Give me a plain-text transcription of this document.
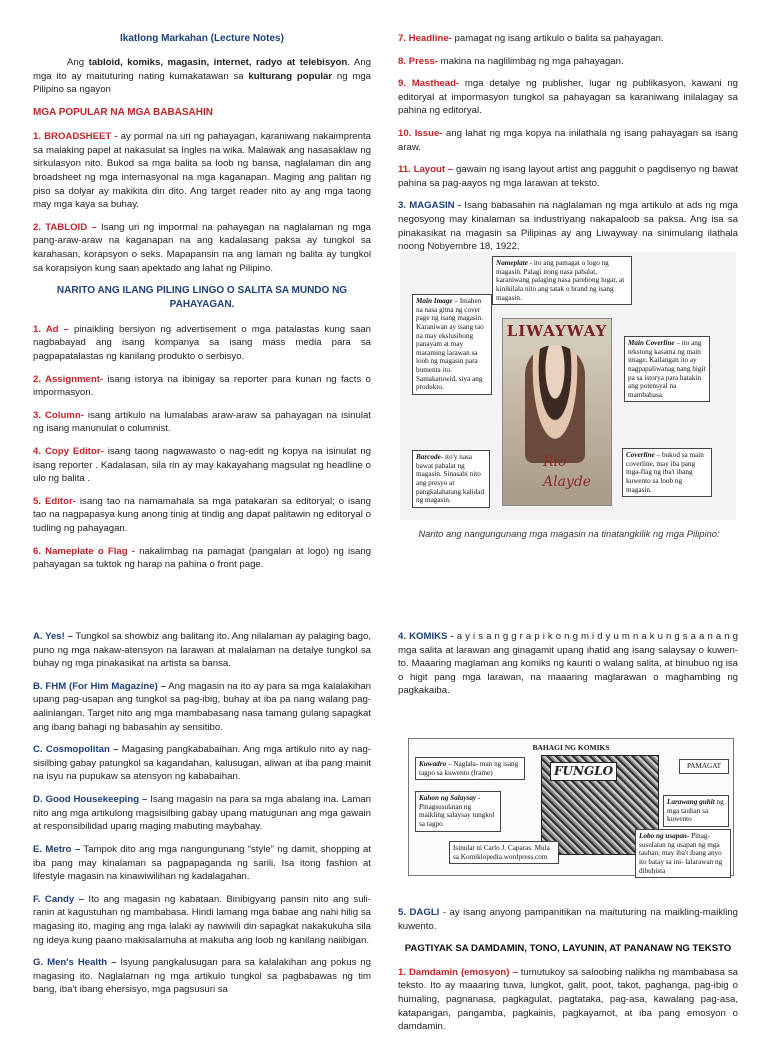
Ikatlong Markahan (Lecture Notes)

Ang tabloid, komiks, magasin, internet, radyo at telebisyon. Ang mga ito ay maituturing nating kumakatawan sa kulturang popular ng mga Pilipino sa ngayon

MGA POPULAR NA MGA BABASAHIN

1. BROADSHEET - ay pormal na uri ng pahayagan, karaniwang nakaimprenta sa malaking papel at nakasulat sa Ingles na wika. Malawak ang nasasaklaw ng sirkulasyon nito. Bukod sa mga balita sa loob ng bansa, naglalaman din ang broadsheet ng mga internasyonal na mga kaganapan. Maging ang palitan ng piso sa dolyar ay makikita din dito. Ang target reader nito ay ang mga taong may mga kaya sa buhay.

2. TABLOID – Isang uri ng impormal na pahayagan na naglalaman ng mga pang-araw-araw na kaganapan na ang kadalasang paksa ay tungkol sa karahasan, korapsyon o seks. Mapapansin na ang laman ng balita ay tungkol sa korapsiyon kung saan apektado ang lahat ng Pilipino.

NARITO ANG ILANG PILING LINGO O SALITA SA MUNDO NG PAHAYAGAN.

1. Ad – pinaikling bersiyon ng advertisement o mga patalastas kung saan nagbabayad ang isang kompanya sa isang mass media para sa pagpapatalastas ng kanilang produkto o serbisyo.

2. Assignment- isang istorya na ibinigay sa reporter para kunan ng facts o impormasyon.

3. Column- isang artikulo na lumalabas araw-araw sa pahayagan na isinulat ng isang manunulat o columnist.

4. Copy Editor- isang taong nagwawasto o nag-edit ng kopya na isinulat ng isang reporter . Kadalasan, sila rin ay may kakayahang magsulat ng headline o ulo ng balita .

5. Editor- isang tao na namamahala sa mga patakaran sa editoryal; o isang tao na nagpapasya kung anong tinig at tindig ang dapat palitawin ng editoryal o tudling ng pahayagan.

6. Nameplate o Flag - nakalimbag na pamagat (pangalan at logo) ng isang pahayagan sa tuktok ng harap na pahina o front page.

7. Headline- pamagat ng isang artikulo o balita sa pahayagan.

8. Press- makina na naglilimbag ng mga pahayagan.

9. Masthead- mga detalye ng publisher, lugar ng publikasyon, kawani ng editoryal at impormasyon tungkol sa pahayagan sa karaniwang inilalagay sa pahina ng editoryal.

10. Issue- ang lahat ng mga kopya na inilathala ng isang pahayagan sa isang araw.

11. Layout – gawain ng isang layout artist ang pagguhit o pagdisenyo ng bawat pahina sa pag-aayos ng mga larawan at teksto.

3. MAGASIN - Isang babasahin na naglalaman ng mga artikulo at ads ng mga negosyong may kinalaman sa industriyang nakapaloob sa paksa. Ang isa sa pinakasikat na magasin sa Pilipinas ay ang Liwayway na sinimulang ilathala noong Nobyembre 18, 1922.

LIWAYWAY
Rio Alayde
Nameplate - ito ang pamagat o logo ng magasin. Palagi itong nasa pabalat, karaniwang palaging nasa parehong lugar, at kinikilala nito ang tatak o brand ng isang magasin.
Main Image – Imahen na nasa gitna ng cover page ng isang magasin. Karaniwan ay isang tao na may ekslusibong panayam at may maraming larawan sa loob ng magasin para bumenta ito. Samakatuwid, siya ang produkto.
Main Coverline – ito ang tekstong kasama ng main image. Kailangan ito ay nagpapaliwanag nang higit pa sa istorya para hatakin ang potensyal na mambabasa.
Barcode- ito'y nasa bawat pabalat ng magasin. Sinasabi nito ang presyo at pangkalahatang kalidad ng magasin.
Coverline – bukod sa main coverline, may iba pang mga-flag ng iba't ibang kuwento sa loob ng magasin.
Narito ang nangungunang mga magasin na tinatangkilik ng mga Pilipino:

A. Yes! – Tungkol sa showbiz ang balitang ito. Ang nilalaman ay palaging bago, puno ng mga nakaw-atensyon na larawan at malalaman na detalye tungkol sa buhay ng mga pinakasikat na artista sa bansa.

B. FHM (For Him Magazine) – Ang magasin na ito ay para sa mga kalalakihan upang pag-usapan ang tungkol sa pag-ibig, buhay at iba pa nang walang pag-aalinlangan. Target nito ang mga mambabasang nasa tamang gulang sapagkat ang ibang bahagi ng babasahin ay sensitibo.

C. Cosmopolitan – Magasing pangkababaihan. Ang mga artikulo nito ay nag- sisilbing gabay patungkol sa kagandahan, kalusugan, aliwan at iba pang mainit na isyu na pupukaw sa atensyon ng kababaihan.

D. Good Housekeeping – Isang magasin na para sa mga abalang ina. Laman nito ang mga artikulong magsisilbing gabay upang matugunan ang mga gawain at responsibilidad upang maging mabuting maybahay.

E. Metro – Tampok dito ang mga nangungunang “style” ng damit, shopping at iba pang may kinalaman sa pagpapaganda ng sarili. Isa itong fashion at lifestyle magasin na kinawiwilihan ng kadalagahan.

F. Candy – Ito ang magasin ng kabataan. Binibigyang pansin nito ang suli- ranin at kagustuhan ng mambabasa. Hindi lamang mga babae ang nahi hilig sa magasing ito, maging ang mga lalaki ay nawiwili din sapagkat nakakukuha sila ng ideya kung paano makisalamuha at makuha ang loob ng kanilang naiibigan.

G. Men's Health – Isyung pangkalusugan para sa kalalakihan ang pokus ng magasing ito. Naglalaman ng mga artikulo tungkol sa pagbabawas ng tim bang, iba't ibang ehersisyo, mga pagsusuri sa

4. KOMIKS - a y i s a n g g r a p i k o n g m i d y u m n a k u n g s a a n a n g mga salita at larawan ang ginagamit upang ihatid ang isang salaysay o kuwen- to. Maaaring maglaman ang komiks ng kaunti o walang salita, at binubuo ng isa o higit pang mga larawan, na maaaring maglarawan o maghambing ng pagkakaiba.

BAHAGI NG KOMIKS
FUNGLO
Kuwadro – Naglala- man ng isang tagpo sa kuwento (frame)
PAMAGAT
Kahon ng Salaysay - Pinagsusulatan ng maikling salaysay tungkol sa tagpo
Larawang guhit ng mga tauhan sa kuwento
Lobo ng usapan- Pinag- susulatan ng usapan ng mga tauhan; may iba't ibang anyo ito batay sa ini- lalarawan ng dibuhista
Isinulat ni Carlo J. Caparas. Mula sa Komiklopedia.wordpress.com

5. DAGLI - ay isang anyong pampanitikan na maituturing na maikling-maikling kuwento.

PAGTIYAK SA DAMDAMIN, TONO, LAYUNIN, AT PANANAW NG TEKSTO

1. Damdamin (emosyon) – tumutukoy sa saloobing nalikha ng mambabasa sa teksto. Ito ay maaaring tuwa, lungkot, galit, poot, takot, paghanga, pag-ibig o humaling, pagnanasa, pagkagulat, pagtataka, pag-asa, kawalang pag-asa, katapangan, pangamba, pagkainis, pagkayamot, at iba pang emosyon o damdamin.
